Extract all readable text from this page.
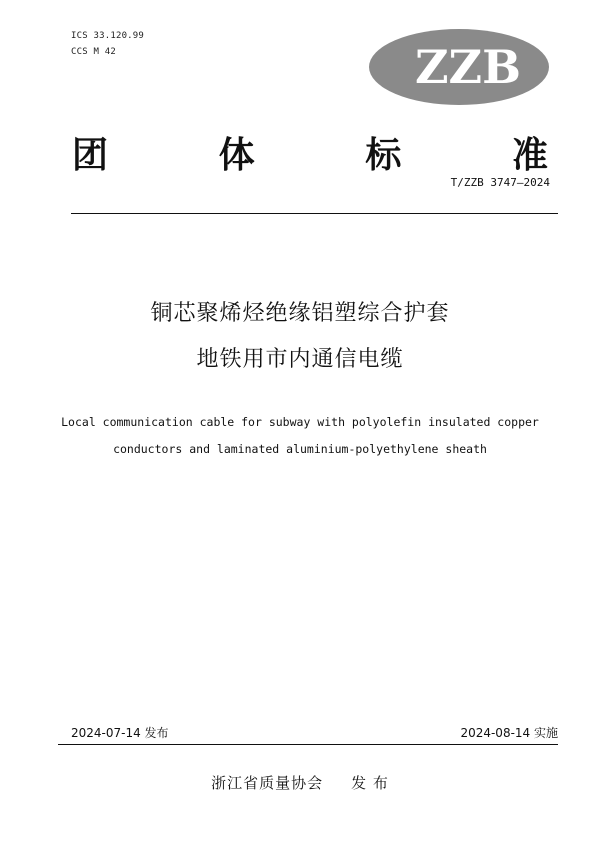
ICS 33.120.99
CCS M 42	ZZB
团	体	标	准
T/ZZB 3747—2024
铜芯聚烯烃绝缘铝塑综合护套
地铁用市内通信电缆
Local communication cable for subway with polyolefin insulated copper
conductors and laminated aluminium-polyethylene sheath
2024-07-14 发布	2024-08-14 实施
浙江省质量协会 发 布
